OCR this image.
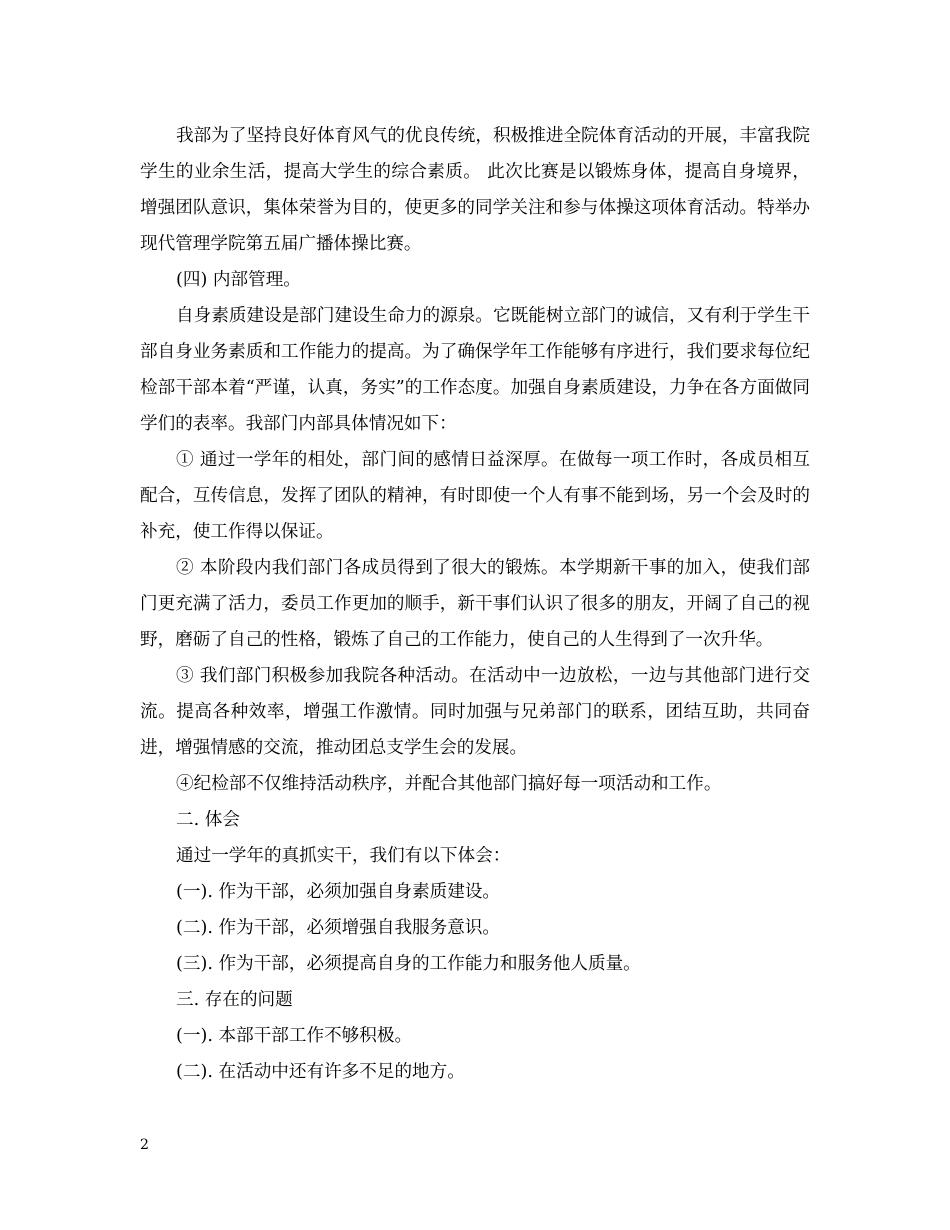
我部为了坚持良好体育风气的优良传统，积极推进全院体育活动的开展，丰富我院学生的业余生活，提高大学生的综合素质。 此次比赛是以锻炼身体，提高自身境界，增强团队意识，集体荣誉为目的，使更多的同学关注和参与体操这项体育活动。特举办现代管理学院第五届广播体操比赛。

(四) 内部管理。

自身素质建设是部门建设生命力的源泉。它既能树立部门的诚信，又有利于学生干部自身业务素质和工作能力的提高。为了确保学年工作能够有序进行，我们要求每位纪检部干部本着“严谨，认真，务实”的工作态度。加强自身素质建设，力争在各方面做同学们的表率。我部门内部具体情况如下：

① 通过一学年的相处，部门间的感情日益深厚。在做每一项工作时，各成员相互配合，互传信息，发挥了团队的精神，有时即使一个人有事不能到场，另一个会及时的补充，使工作得以保证。

② 本阶段内我们部门各成员得到了很大的锻炼。本学期新干事的加入，使我们部门更充满了活力，委员工作更加的顺手，新干事们认识了很多的朋友，开阔了自己的视野，磨砺了自己的性格，锻炼了自己的工作能力，使自己的人生得到了一次升华。

③ 我们部门积极参加我院各种活动。在活动中一边放松，一边与其他部门进行交流。提高各种效率，增强工作激情。同时加强与兄弟部门的联系，团结互助，共同奋进，增强情感的交流，推动团总支学生会的发展。

④纪检部不仅维持活动秩序，并配合其他部门搞好每一项活动和工作。

二. 体会

通过一学年的真抓实干，我们有以下体会：

(一). 作为干部，必须加强自身素质建设。

(二). 作为干部，必须增强自我服务意识。

(三). 作为干部，必须提高自身的工作能力和服务他人质量。

三. 存在的问题

(一). 本部干部工作不够积极。

(二). 在活动中还有许多不足的地方。

2
